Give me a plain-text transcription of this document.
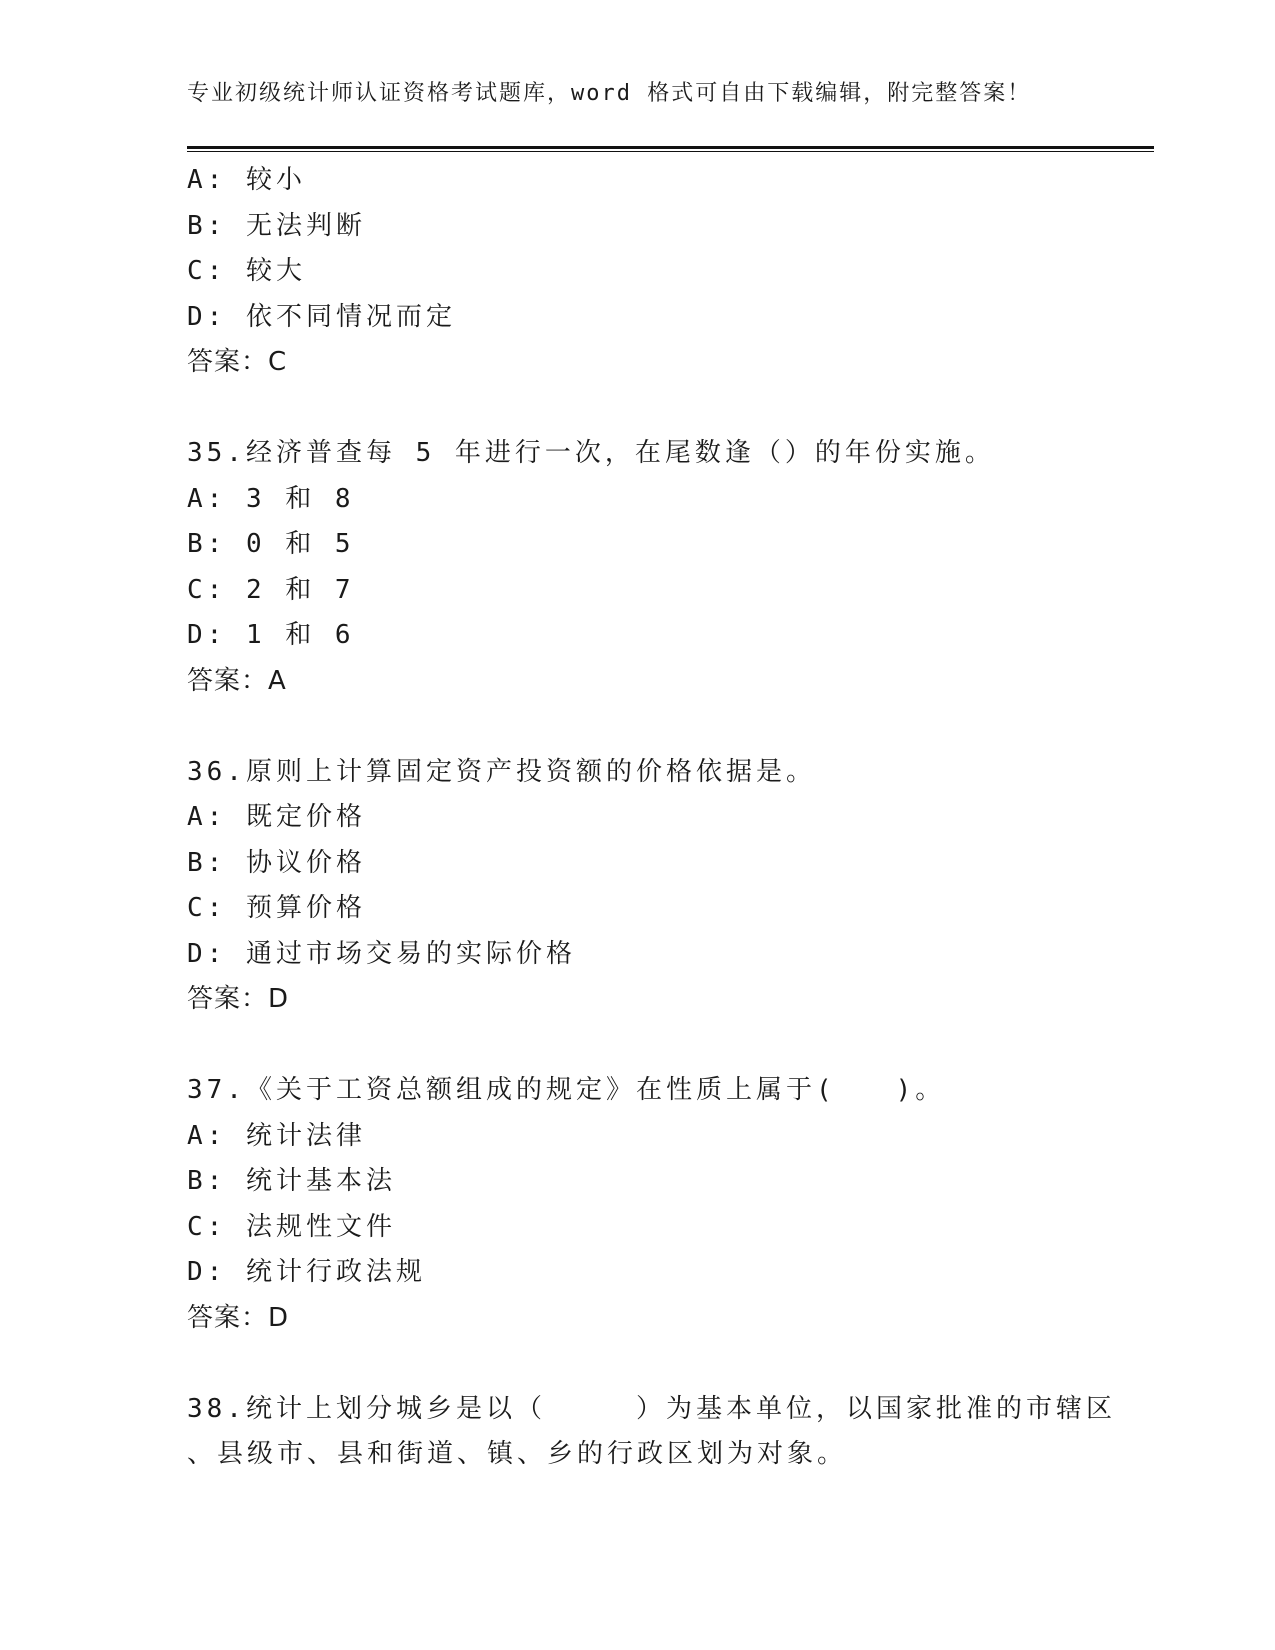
专业初级统计师认证资格考试题库，word 格式可自由下载编辑，附完整答案！
A: 较小
B: 无法判断
C: 较大
D: 依不同情况而定
答案：C
35.经济普查每 5 年进行一次，在尾数逢（）的年份实施。
A: 3 和 8
B: 0 和 5
C: 2 和 7
D: 1 和 6
答案：A
36.原则上计算固定资产投资额的价格依据是。
A: 既定价格
B: 协议价格
C: 预算价格
D: 通过市场交易的实际价格
答案：D
37.《关于工资总额组成的规定》在性质上属于(　　)。
A: 统计法律
B: 统计基本法
C: 法规性文件
D: 统计行政法规
答案：D
38.统计上划分城乡是以（　　　）为基本单位，以国家批准的市辖区
、县级市、县和街道、镇、乡的行政区划为对象。
